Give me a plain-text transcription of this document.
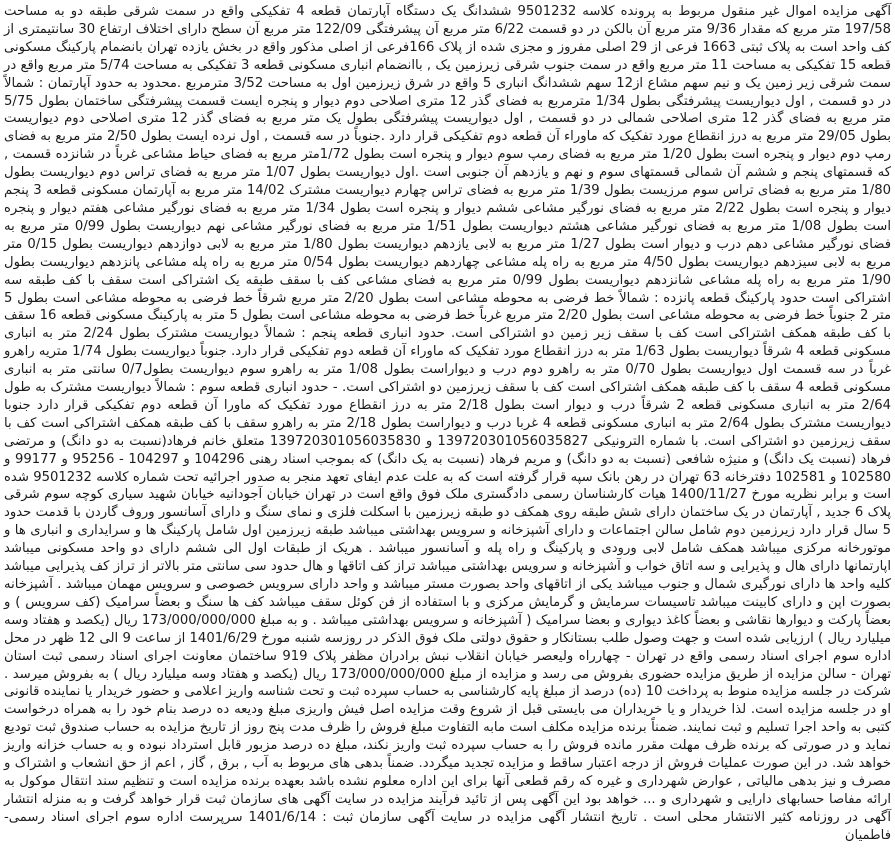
آگهی مزایده اموال غیر منقول مربوط به پرونده کلاسه 9501232 ششدانگ یک دستگاه آپارتمان قطعه 4 تفکیکی واقع در سمت شرقی طبقه دو به مساحت 197/58 متر مربع که مقدار 9/36 متر مربع آن بالکن در دو قسمت 6/22 متر مربع آن پیشرفتگی 122/09 متر مربع آن سطح دارای اختلاف ارتفاع 30 سانتیمتری از کف واحد است به پلاک ثبتی 1663 فرعی از 29 اصلی مفروز و مجزی شده از پلاک 166فرعی از اصلی مذکور واقع در بخش یازده تهران بانضمام پارکینگ مسکونی قطعه 15 تفکیکی به مساحت 11 متر مربع واقع در سمت جنوب شرقی زیرزمین یک , باانضمام انباری مسکونی قطعه 3 تفکیکی به مساحت 5/74 متر مربع واقع در سمت شرقی زیر زمین یک و نیم سهم مشاع از12 سهم ششدانگ انباری 5 واقع در شرق زیرزمین اول به مساحت 3/52 مترمربع .محدود به حدود آپارتمان : شمالاً در دو قسمت , اول دیواریست پیشرفتگی بطول 1/34 مترمربع به فضای گذر 12 متری اصلاحی دوم دیوار و پنجره ایست قسمت پیشرفتگی ساختمان بطول 5/75 متر مربع به فضای گذر 12 متری اصلاحی شمالی در دو قسمت , اول دیواریست پیشرفتگی بطول یک متر مربع به فضای گذر 12 متری اصلاحی دوم دیواریست بطول 29/05 متر مربع به درز انقطاع مورد تفکیک که ماوراء آن قطعه دوم تفکیکی قرار دارد .جنوباً در سه قسمت , اول نرده ایست بطول 2/50 متر مربع به فضای رمپ دوم دیوار و پنجره است بطول 1/20 متر مربع به فضای رمپ سوم دیوار و پنجره است بطول 1/72متر مربع به فضای حیاط مشاعی غرباً در شانزده قسمت , که قسمتهای پنجم و ششم آن شمالی قسمتهای سوم و نهم و یازدهم آن جنوبی است .اول دیواریست بطول 1/07 متر مربع به فضای تراس دوم دیواریست بطول 1/80 متر مربع به فضای تراس سوم مرزیست بطول 1/39 متر مربع به فضای تراس چهارم دیواریست مشترک 14/02 متر مربع به آپارتمان مسکونی قطعه 3 پنجم دیوار و پنجره است بطول 2/22 متر مربع به فضای نورگیر مشاعی ششم دیوار و پنجره است بطول 1/34 متر مربع به فضای نورگیر مشاعی هفتم دیوار و پنجره است بطول 1/08 متر مربع به فضای نورگیر مشاعی هشتم دیواریست بطول 1/51 متر مربع به فضای نورگیر مشاعی نهم دیواریست بطول 0/99 متر مربع به فضای نورگیر مشاعی دهم درب و دیوار است بطول 1/27 متر مربع به لابی یازدهم دیواریست بطول 1/80 متر مربع به لابی دوازدهم دیواریست بطول 0/15 متر مربع به لابی سیزدهم دیواریست بطول 4/50 متر مربع به راه پله مشاعی چهاردهم دیواریست بطول 0/54 متر مربع به راه پله مشاعی پانزدهم دیواریست بطول 1/90 متر مربع به راه پله مشاعی شانزدهم دیواریست بطول 0/99 متر مربع به فضای مشاعی کف با سقف طبقه یک اشتراکی است سقف با کف طبقه سه اشتراکی است حدود پارکینگ قطعه پانزده : شمالاً خط فرضی به محوطه مشاعی است بطول 2/20 متر مربع شرقاً خط فرضی به محوطه مشاعی است بطول 5 متر 2 جنوباً خط فرضی به محوطه مشاعی است بطول 2/20 متر مربع غرباً خط فرضی به محوطه مشاعی است بطول 5 متر به پارکینگ مسکونی قطعه 16 سقف با کف طبقه همکف اشتراکی است کف با سقف زیر زمین دو اشتراکی است. حدود انباری قطعه پنجم : شمالاً دیواریست مشترک بطول 2/24 متر به انباری مسکونی قطعه 4 شرقاً دیواریست بطول 1/63 متر به درز انقطاع مورد تفکیک که ماوراء آن قطعه دوم تفکیکی قرار دارد. جنوباً دیواریست بطول 1/74 متریه راهرو غرباً در سه قسمت اول دیواریست بطول 0/70 متر به راهرو دوم درب و دیواراست بطول 1/08 متر به راهرو سوم دیواریست بطول0/7 سانتی متر به انباری مسکونی قطعه 4 سقف با کف طبقه همکف اشتراکی است کف با سقف زیرزمین دو اشتراکی است. - حدود انباری قطعه سوم : شمالاً دیواریست مشترک به طول 2/64 متر به انباری مسکونی قطعه 2 شرقاً درب و دیوار است بطول 2/18 متر به درز انقطاع مورد تفکیک که ماورا آن قطعه دوم تفکیکی قرار دارد جنوبا دیواریست مشترک بطول 2/64 متر به انباری مسکونی قطعه 4 غربا درب و دیواراست بطول 2/18 متر به راهرو سقف با کف طبقه همکف اشتراکی است کف با سقف زیرزمین دو اشتراکی است. با شماره الترونیکی 139720301056035827 و 139720301056035830 متعلق خانم فرهاد(نسبت به دو دانگ) و مرتضی فرهاد (نسبت یک دانگ) و منیژه شافعی (نسبت به دو دانگ) و مریم فرهاد (نسبت به یک دانگ) که بموجب اسناد رهنی 104296 و 104297 - 95256 و 99177 و 102580 و 102581 دفترخانه 63 تهران در رهن بانک سپه قرار گرفته است که به علت عدم ایفای تعهد منجر به صدور اجرائیه تحت شماره کلاسه 9501232 شده است و برابر نظریه مورخ 1400/11/27 هیات کارشناسان رسمی دادگستری ملک فوق واقع است در تهران خیابان آجودانیه خیابان شهید سیاری کوچه سوم شرقی پلاک 6 جدید , آپارتمان در یک ساختمان دارای شش طبقه روی همکف دو طبقه زیرزمین با اسکلت فلزی و نمای سنگ و دارای آسانسور وروف گاردن با قدمت حدود 5 سال قرار دارد زیرزمین دوم شامل سالن اجتماعات و دارای آشپزخانه و سرویس بهداشتی میباشد طبقه زیرزمین اول شامل پارکینگ ها و سرایداری و انباری ها و موتورخانه مرکزی میباشد همکف شامل لابی ورودی و پارکینگ و راه پله و آسانسور میباشد . هریک از طبقات اول الی ششم دارای دو واحد مسکونی میباشد اپارتمانها دارای هال و پذیرایی و سه اتاق خواب و آشپزخانه و سرویس بهداشتی میباشد تراز کف اتاقها و هال حدود سی سانتی متر بالاتر از تراز کف پذیرایی میباشد کلیه واحد ها دارای نورگیری شمال و جنوب میباشد یکی از اتاقهای واحد بصورت مستر میباشد و واحد دارای سرویس خصوصی و سرویس مهمان میباشد . آشپزخانه بصورت اپن و دارای کابینت میباشد تاسیسات سرمایش و گرمایش مرکزی و با استفاده از فن کوئل سقف میباشد کف ها سنگ و بعضاً سرامیک (کف سرویس ) و بعضاً پارکت و دیوارها نقاشی و بعضاً کاغذ دیواری و بعضا سرامیک ( آشپزخانه و سرویس بهداشتی میباشد . و به مبلغ 173/000/000/000 ریال (یکصد و هفتاد وسه میلیارد ریال ) ارزیابی شده است و جهت وصول طلب بستانکار و حقوق دولتی ملک فوق الذکر در روزسه شنبه مورخ 1401/6/29 از ساعت 9 الی 12 ظهر در محل اداره سوم اجرای اسناد رسمی واقع در تهران - چهارراه ولیعصر خیابان انقلاب نبش برادران مظفر پلاک 919 ساختمان معاونت اجرای اسناد رسمی ثبت استان تهران - سالن مزایده از طریق مزایده حضوری بفروش می رسد و مزایده از مبلغ 173/000/000/000 ریال (یکصد و هفتاد وسه میلیارد ریال ) به بفروش میرسد . شرکت در جلسه مزایده منوط به پرداخت 10 (ده) درصد از مبلغ پایه کارشناسی به حساب سپرده ثبت و تحت شناسه واریز اعلامی و حضور خریدار یا نماینده قانونی او در جلسه مزایده است. لذا خریدار و یا خریداران می بایستی قبل از شروع وقت مزایده اصل فیش واریزی مبلغ ودیعه ده درصد بنام خود را به همراه درخواست کتبی به واحد اجرا تسلیم و ثبت نمایند. ضمناً برنده مزایده مکلف است مابه التفاوت مبلغ فروش را ظرف مدت پنج روز از تاریخ مزایده به حساب صندوق ثبت تودیع نماید و در صورتی که برنده ظرف مهلت مقرر مانده فروش را به حساب سپرده ثبت واریز نکند، مبلغ ده درصد مزبور قابل استرداد نبوده و به حساب خزانه واریز خواهد شد. در این صورت عملیات فروش از درجه اعتبار ساقط و مزایده تجدید میگردد. ضمناً بدهی های مربوط به آب , برق , گاز , اعم از حق انشعاب و اشتراک و مصرف و نیز بدهی مالیاتی , عوارض شهرداری و غیره که رقم قطعی آنها برای این اداره معلوم نشده باشد بعهده برنده مزایده است و تنظیم سند انتقال موکول به ارائه مفاصا حسابهای دارایی و شهرداری و ... خواهد بود این آگهی پس از تائید فرآیند مزایده در سایت آگهی های سازمان ثبت قرار خواهد گرفت و به منزله انتشار آگهی در روزنامه کثیر الانتشار محلی است . تاریخ انتشار آگهی مزایده در سایت آگهی سازمان ثبت : 1401/6/14 سرپرست اداره سوم اجرای اسناد رسمی- فاطمیان
